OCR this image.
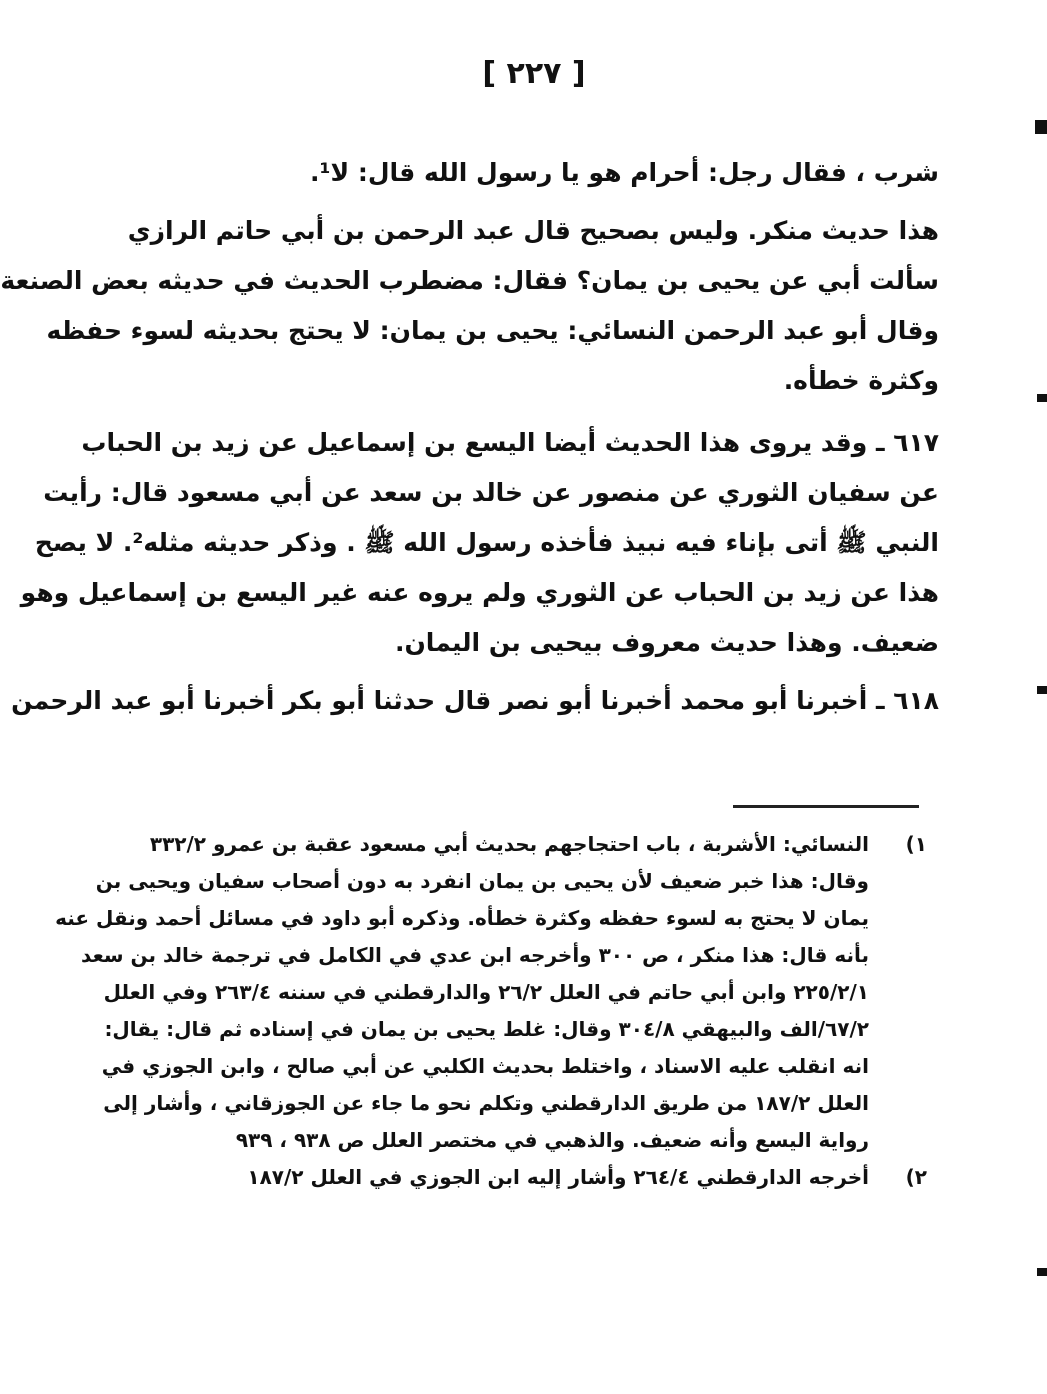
[ ٢٢٧ ]
شرب ، فقال رجل: أحرام هو يا رسول الله قال: لا¹.
هذا حديث منكر. وليس بصحيح قال عبد الرحمن بن أبي حاتم الرازي
سألت أبي عن يحيى بن يمان؟ فقال: مضطرب الحديث في حديثه بعض الصنعة
وقال أبو عبد الرحمن النسائي: يحيى بن يمان: لا يحتج بحديثه لسوء حفظه
وكثرة خطأه.
٦١٧ ـ وقد يروى هذا الحديث أيضا اليسع بن إسماعيل عن زيد بن الحباب
عن سفيان الثوري عن منصور عن خالد بن سعد عن أبي مسعود قال: رأيت
النبي ﷺ أتى بإناء فيه نبيذ فأخذه رسول الله ﷺ . وذكر حديثه مثله². لا يصح
هذا عن زيد بن الحباب عن الثوري ولم يروه عنه غير اليسع بن إسماعيل وهو
ضعيف. وهذا حديث معروف بيحيى بن اليمان.
٦١٨ ـ أخبرنا أبو محمد أخبرنا أبو نصر قال حدثنا أبو بكر أخبرنا أبو عبد الرحمن
١)
النسائي: الأشربة ، باب احتجاجهم بحديث أبي مسعود عقبة بن عمرو ٣٣٢/٢
وقال: هذا خبر ضعيف لأن يحيى بن يمان انفرد به دون أصحاب سفيان ويحيى بن
يمان لا يحتج به لسوء حفظه وكثرة خطأه. وذكره أبو داود في مسائل أحمد ونقل عنه
بأنه قال: هذا منكر ، ص ٣٠٠ وأخرجه ابن عدي في الكامل في ترجمة خالد بن سعد
٢٢٥/٢/١ وابن أبي حاتم في العلل ٢٦/٢ والدارقطني في سننه ٢٦٣/٤ وفي العلل
٦٧/٢/الف والبيهقي ٣٠٤/٨ وقال: غلط يحيى بن يمان في إسناده ثم قال: يقال:
انه انقلب عليه الاسناد ، واختلط بحديث الكلبي عن أبي صالح ، وابن الجوزي في
العلل ١٨٧/٢ من طريق الدارقطني وتكلم نحو ما جاء عن الجوزقاني ، وأشار إلى
رواية اليسع وأنه ضعيف. والذهبي في مختصر العلل ص ٩٣٨ ، ٩٣٩
٢)
أخرجه الدارقطني ٢٦٤/٤ وأشار إليه ابن الجوزي في العلل ١٨٧/٢
